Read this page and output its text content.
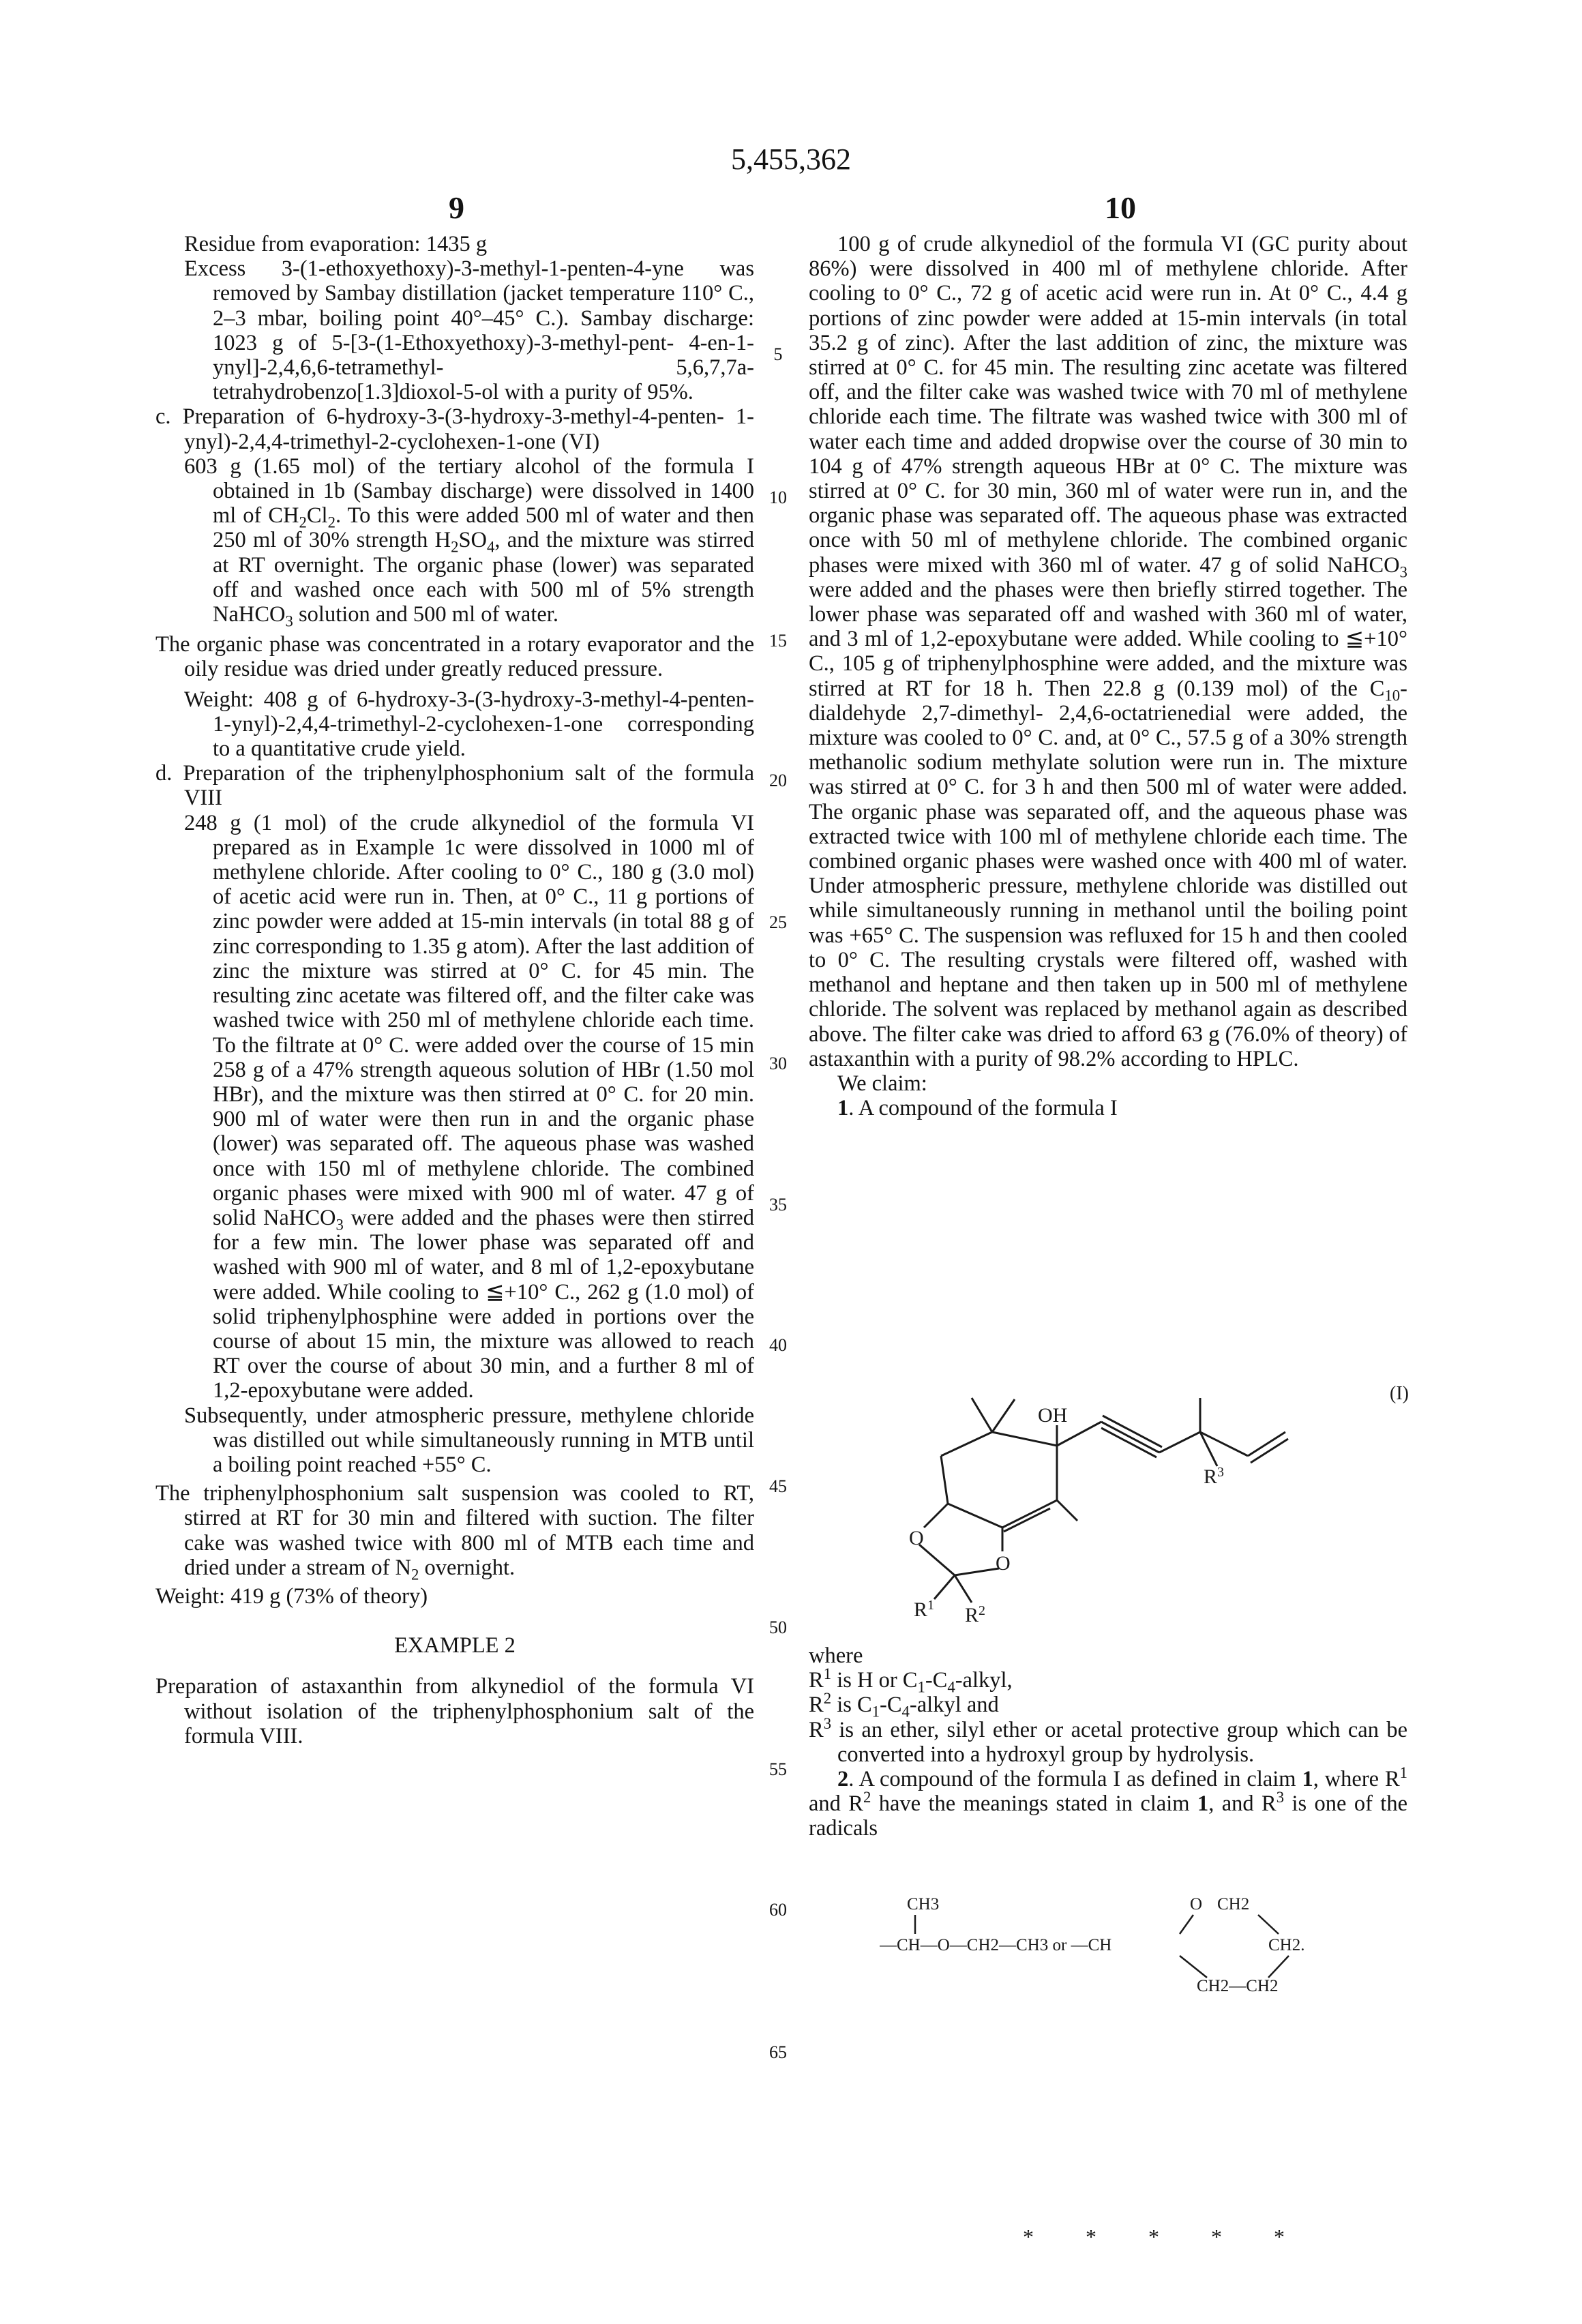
5,455,362
9	10
5
10
15
20
25
30
35
40
45
50
55
60
65

Residue from evaporation: 1435 g

Excess 3-(1-ethoxyethoxy)-3-methyl-1-penten-4-yne was removed by Sambay distillation (jacket temperature 110° C., 2–3 mbar, boiling point 40°–45° C.). Sambay discharge: 1023 g of 5-[3-(1-Ethoxyethoxy)-3-methyl-pent- 4-en-1-ynyl]-2,4,6,6-tetramethyl- 5,6,7,7a-tetrahydrobenzo[1.3]dioxol-5-ol with a purity of 95%.

c. Preparation of 6-hydroxy-3-(3-hydroxy-3-methyl-4-penten- 1-ynyl)-2,4,4-trimethyl-2-cyclohexen-1-one (VI)

603 g (1.65 mol) of the tertiary alcohol of the formula I obtained in 1b (Sambay discharge) were dissolved in 1400 ml of CH2Cl2. To this were added 500 ml of water and then 250 ml of 30% strength H2SO4, and the mixture was stirred at RT overnight. The organic phase (lower) was separated off and washed once each with 500 ml of 5% strength NaHCO3 solution and 500 ml of water.

The organic phase was concentrated in a rotary evaporator and the oily residue was dried under greatly reduced pressure.

Weight: 408 g of 6-hydroxy-3-(3-hydroxy-3-methyl-4-penten- 1-ynyl)-2,4,4-trimethyl-2-cyclohexen-1-one corresponding to a quantitative crude yield.

d. Preparation of the triphenylphosphonium salt of the formula VIII

248 g (1 mol) of the crude alkynediol of the formula VI prepared as in Example 1c were dissolved in 1000 ml of methylene chloride. After cooling to 0° C., 180 g (3.0 mol) of acetic acid were run in. Then, at 0° C., 11 g portions of zinc powder were added at 15-min intervals (in total 88 g of zinc corresponding to 1.35 g atom). After the last addition of zinc the mixture was stirred at 0° C. for 45 min. The resulting zinc acetate was filtered off, and the filter cake was washed twice with 250 ml of methylene chloride each time. To the filtrate at 0° C. were added over the course of 15 min 258 g of a 47% strength aqueous solution of HBr (1.50 mol HBr), and the mixture was then stirred at 0° C. for 20 min. 900 ml of water were then run in and the organic phase (lower) was separated off. The aqueous phase was washed once with 150 ml of methylene chloride. The combined organic phases were mixed with 900 ml of water. 47 g of solid NaHCO3 were added and the phases were then stirred for a few min. The lower phase was separated off and washed with 900 ml of water, and 8 ml of 1,2-epoxybutane were added. While cooling to ≦+10° C., 262 g (1.0 mol) of solid triphenylphosphine were added in portions over the course of about 15 min, the mixture was allowed to reach RT over the course of about 30 min, and a further 8 ml of 1,2-epoxybutane were added.

Subsequently, under atmospheric pressure, methylene chloride was distilled out while simultaneously running in MTB until a boiling point reached +55° C.

The triphenylphosphonium salt suspension was cooled to RT, stirred at RT for 30 min and filtered with suction. The filter cake was washed twice with 800 ml of MTB each time and dried under a stream of N2 overnight.

Weight: 419 g (73% of theory)

EXAMPLE 2

Preparation of astaxanthin from alkynediol of the formula VI without isolation of the triphenylphosphonium salt of the formula VIII.

100 g of crude alkynediol of the formula VI (GC purity about 86%) were dissolved in 400 ml of methylene chloride. After cooling to 0° C., 72 g of acetic acid were run in. At 0° C., 4.4 g portions of zinc powder were added at 15-min intervals (in total 35.2 g of zinc). After the last addition of zinc, the mixture was stirred at 0° C. for 45 min. The resulting zinc acetate was filtered off, and the filter cake was washed twice with 70 ml of methylene chloride each time. The filtrate was washed twice with 300 ml of water each time and added dropwise over the course of 30 min to 104 g of 47% strength aqueous HBr at 0° C. The mixture was stirred at 0° C. for 30 min, 360 ml of water were run in, and the organic phase was separated off. The aqueous phase was extracted once with 50 ml of methylene chloride. The combined organic phases were mixed with 360 ml of water. 47 g of solid NaHCO3 were added and the phases were then briefly stirred together. The lower phase was separated off and washed with 360 ml of water, and 3 ml of 1,2-epoxybutane were added. While cooling to ≦+10° C., 105 g of triphenylphosphine were added, and the mixture was stirred at RT for 18 h. Then 22.8 g (0.139 mol) of the C10-dialdehyde 2,7-dimethyl- 2,4,6-octatrienedial were added, the mixture was cooled to 0° C. and, at 0° C., 57.5 g of a 30% strength methanolic sodium methylate solution were run in. The mixture was stirred at 0° C. for 3 h and then 500 ml of water were added. The organic phase was separated off, and the aqueous phase was extracted twice with 100 ml of methylene chloride each time. The combined organic phases were washed once with 400 ml of water. Under atmospheric pressure, methylene chloride was distilled out while simultaneously running in methanol until the boiling point was +65° C. The suspension was refluxed for 15 h and then cooled to 0° C. The resulting crystals were filtered off, washed with methanol and heptane and then taken up in 500 ml of methylene chloride. The solvent was replaced by methanol again as described above. The filter cake was dried to afford 63 g (76.0% of theory) of astaxanthin with a purity of 98.2% according to HPLC.

We claim:

1. A compound of the formula I

OH
O
O
R3
R1 R2
(I)

where

R1 is H or C1-C4-alkyl,

R2 is C1-C4-alkyl and

R3 is an ether, silyl ether or acetal protective group which can be converted into a hydroxyl group by hydrolysis.

2. A compound of the formula I as defined in claim 1, where R1 and R2 have the meanings stated in claim 1, and R3 is one of the radicals

CH3
—CH—O—CH2—CH3 or —CH
O CH2
CH2.
CH2—CH2
* * * * *
